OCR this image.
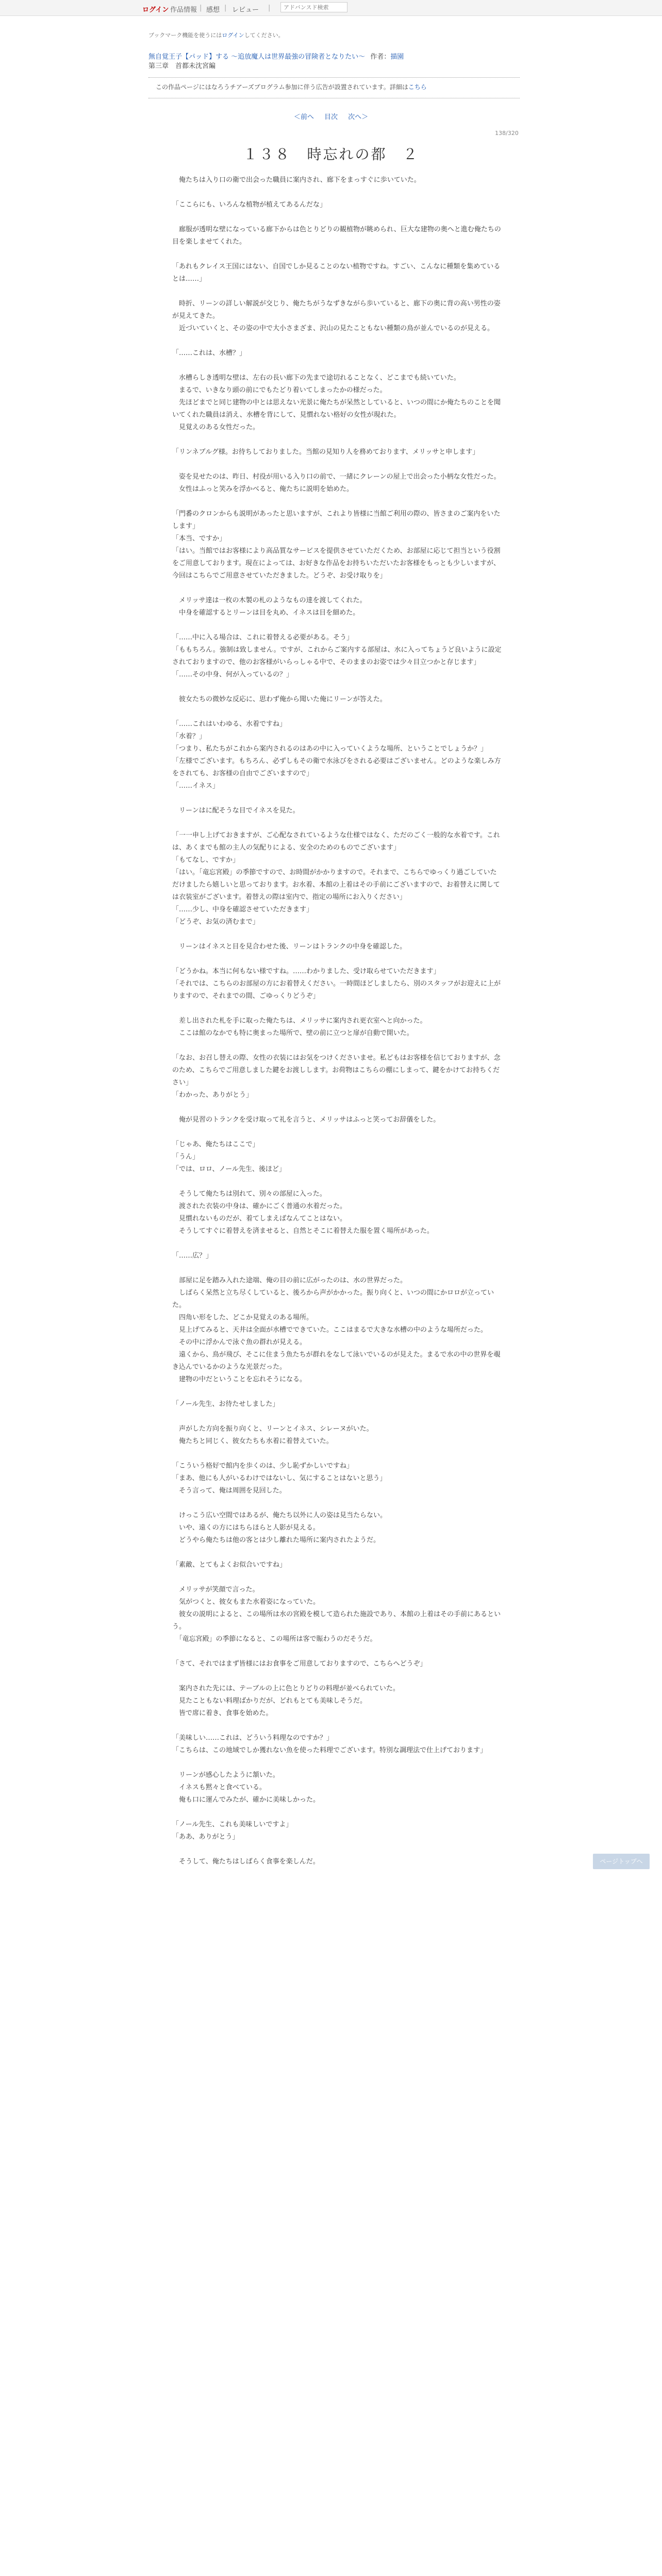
ログイン 作品情報 | 感想 | レビュー |
アドバンスド検索
ブックマーク機能を使うにはログインしてください。
無自覚王子【パッド】する ～追放魔人は世界最強の冒険者となりたい～ 作者：描園
第三章　首都未沈宮編
この作品ページにはなろうチアーズプログラム参加に伴う広告が設置されています。詳細はこちら
＜前へ 目次 次へ＞
138/320
１３８　時忘れの都　２

　俺たちは入り口の衛で出会った職員に案内され、廊下をまっすぐに歩いていた。

「ここらにも、いろんな植物が植えてあるんだな」

　廊服が透明な壁になっている廊下からは色とりどりの観植物が眺められ、巨大な建物の奥へと進む俺たちの目を楽しませてくれた。

「あれもクレイス王国にはない、自国でしか見ることのない植物ですね。すごい、こんなに種類を集めているとは……」

　時折、リーンの詳しい解説が交じり、俺たちがうなずきながら歩いていると、廊下の奥に背の高い男性の姿が見えてきた。

　近づいていくと、その姿の中で大小さまざま、沢山の見たこともない種類の鳥が並んでいるのが見える。

「……これは、水槽？」

　水槽らしき透明な壁は、左右の長い廊下の先まで途切れることなく、どこまでも続いていた。

　まるで、いきなり頭の前にでもたどり着いてしまったかの様だった。

　先ほどまでと同じ建物の中とは思えない光景に俺たちが呆然としていると、いつの間にか俺たちのことを聞いてくれた職員は消え、水槽を背にして、見慣れない格好の女性が現れた。

　見覚えのある女性だった。

「リンネブルグ様。お待ちしておりました。当館の見知り人を務めております、メリッサと申します」

　姿を見せたのは、昨日、村役が用いる入り口の前で、一緒にクレーンの屋上で出会った小柄な女性だった。

　女性はふっと笑みを浮かべると、俺たちに説明を始めた。

「門番のクロンからも説明があったと思いますが、これより皆様に当館ご利用の際の、皆さまのご案内をいたします」

「本当、ですか」

「はい。当館ではお客様により高品質なサービスを提供させていただくため、お部屋に応じて担当という役割をご用意しております。現在によっては、お好きな作品をお持ちいただいたお客様をもっとも少しいますが、今回はこちらでご用意させていただきました。どうぞ、お受け取りを」

　メリッサ達は一枚の木製の札のようなもの達を渡してくれた。

　中身を確認するとリーンは目を丸め、イネスは目を細めた。

「……中に入る場合は、これに着替える必要がある。そう」

「ももちろん。強制は致しません。ですが、これからご案内する部屋は、水に入ってちょうど良いように設定されておりますので、他のお客様がいらっしゃる中で、そのままのお姿では少々目立つかと存じます」

「……その中身、何が入っているの？」

　彼女たちの微妙な反応に、思わず俺から聞いた俺にリーンが答えた。

「……これはいわゆる、水着ですね」

「水着？」

「つまり、私たちがこれから案内されるのはあの中に入っていくような場所、ということでしょうか？」

「左様でございます。もちろん、必ずしもその衛で水泳びをされる必要はございません。どのような楽しみ方をされても、お客様の自由でございますので」

「……イネス」

　リーンはに配そうな目でイネスを見た。

「一一申し上げておきますが、ご心配なされているような仕様ではなく、ただのごく一般的な水着です。これは、あくまでも館の主人の気配りによる、安全のためのものでございます」

「もてなし、ですか」

「はい。「竜忘宮殿」の季節ですので、お時間がかかりますので。それまで、こちらでゆっくり過ごしていただけましたら嬉しいと思っております。お水着、本館の上着はその手前にございますので、お着替えに関しては衣装室がございます。着替えの際は室内で、指定の場所にお入りください」

「……少し、中身を確認させていただきます」

「どうぞ、お気の済むまで」

　リーンはイネスと目を見合わせた後、リーンはトランクの中身を確認した。

「どうかね。本当に何もない様ですね。……わかりました、受け取らせていただきます」

「それでは、こちらのお部屋の方にお着替えください。一時間ほどしましたら、別のスタッフがお迎えに上がりますので、それまでの間、ごゆっくりどうぞ」

　差し出された札を手に取った俺たちは、メリッサに案内され更衣室へと向かった。

　ここは館のなかでも特に奥まった場所で、壁の前に立つと扉が自動で開いた。

「なお、お召し替えの際、女性の衣装にはお気をつけくださいませ。私どもはお客様を信じておりますが、念のため、こちらでご用意しました鍵をお渡しします。お荷物はこちらの棚にしまって、鍵をかけてお持ちください」

「わかった、ありがとう」

　俺が見習のトランクを受け取って礼を言うと、メリッサはふっと笑ってお辞儀をした。

「じゃあ、俺たちはここで」

「うん」

「では、ロロ、ノール先生、後ほど」

　そうして俺たちは別れて、別々の部屋に入った。

　渡された衣装の中身は、確かにごく普通の水着だった。

　見慣れないものだが、着てしまえばなんてことはない。

　そうしてすぐに着替えを済ませると、自然とそこに着替えた服を置く場所があった。

「……広？」

　部屋に足を踏み入れた途端、俺の目の前に広がったのは、水の世界だった。

　しばらく呆然と立ち尽くしていると、後ろから声がかかった。振り向くと、いつの間にかロロが立っていた。

　四角い形をした、どこか見覚えのある場所。

　見上げてみると、天井は全面が水槽でできていた。ここはまるで大きな水槽の中のような場所だった。

　その中に浮かんで泳ぐ魚の群れが見える。

　遠くから、鳥が飛び、そこに住まう魚たちが群れをなして泳いでいるのが見えた。まるで水の中の世界を覗き込んでいるかのような光景だった。

　建物の中だということを忘れそうになる。

「ノール先生、お待たせしました」

　声がした方向を振り向くと、リーンとイネス、シレーヌがいた。

　俺たちと同じく、彼女たちも水着に着替えていた。

「こういう格好で館内を歩くのは、少し恥ずかしいですね」

「まあ、他にも人がいるわけではないし、気にすることはないと思う」

　そう言って、俺は周囲を見回した。

　けっこう広い空間ではあるが、俺たち以外に人の姿は見当たらない。

　いや、遠くの方にはちらほらと人影が見える。

　どうやら俺たちは他の客とは少し離れた場所に案内されたようだ。

「素敵、とてもよくお似合いですね」

　メリッサが笑顔で言った。

　気がつくと、彼女もまた水着姿になっていた。

　彼女の説明によると、この場所は水の宮殿を模して造られた施設であり、本館の上着はその手前にあるという。

　「竜忘宮殿」の季節になると、この場所は客で賑わうのだそうだ。

「さて、それではまず皆様にはお食事をご用意しておりますので、こちらへどうぞ」

　案内された先には、テーブルの上に色とりどりの料理が並べられていた。

　見たこともない料理ばかりだが、どれもとても美味しそうだ。

　皆で席に着き、食事を始めた。

「美味しい……これは、どういう料理なのですか？」

「こちらは、この地域でしか獲れない魚を使った料理でございます。特別な調理法で仕上げております」

　リーンが感心したように頷いた。

　イネスも黙々と食べている。

　俺も口に運んでみたが、確かに美味しかった。

「ノール先生、これも美味しいですよ」

「ああ、ありがとう」

　そうして、俺たちはしばらく食事を楽しんだ。	ページトップへ
